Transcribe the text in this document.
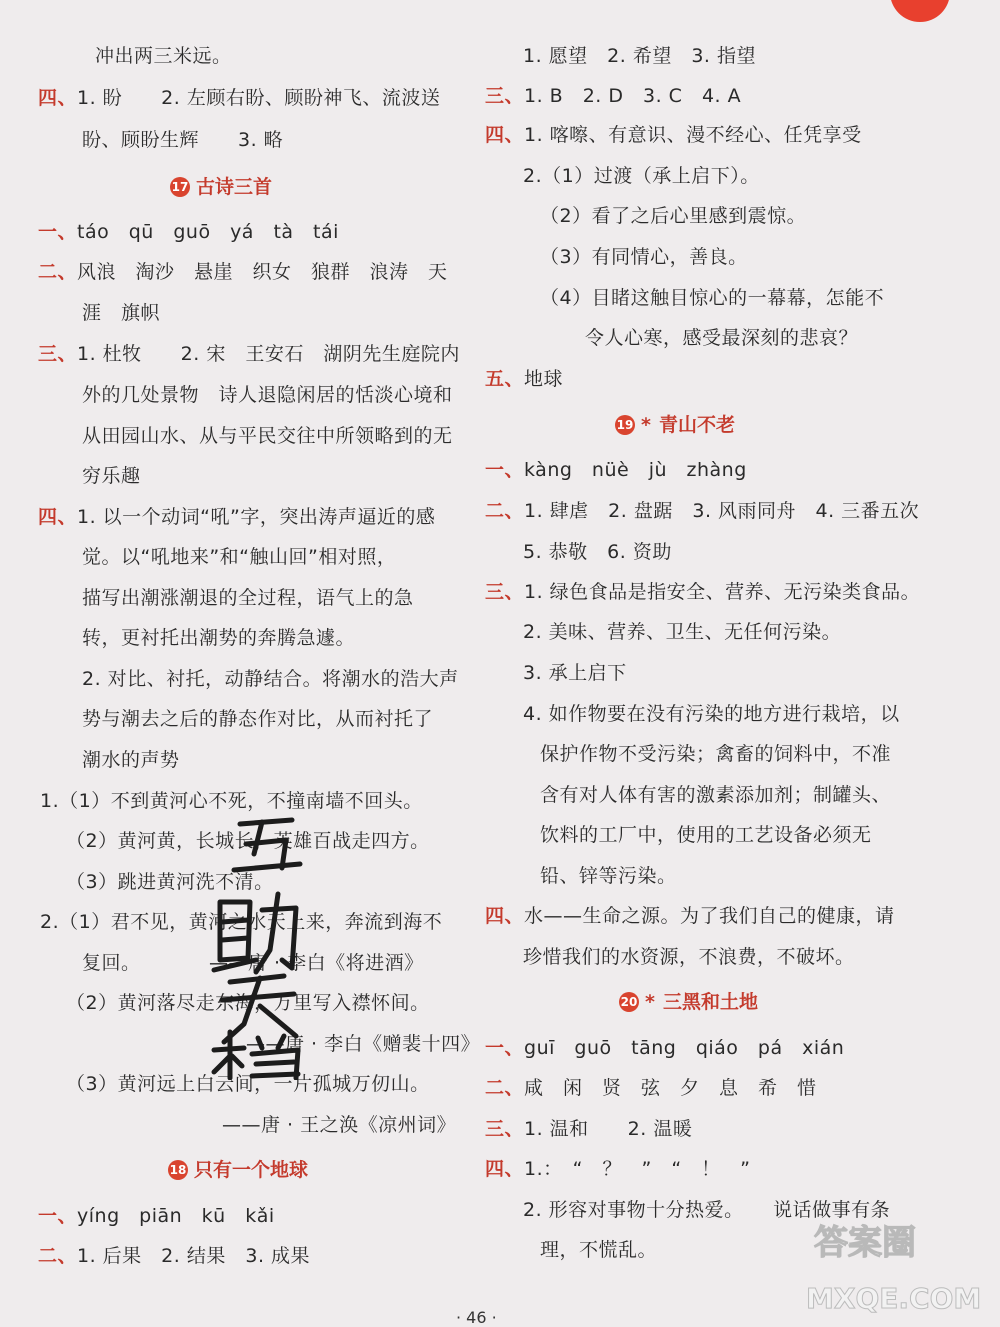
冲出两三米远。
四、1. 盼　　2. 左顾右盼、顾盼神飞、流波送
盼、顾盼生辉　　3. 略
17 古诗三首
一、táo　qū　guō　yá　tà　tái
二、风浪　淘沙　悬崖　织女　狼群　浪涛　天
涯　旗帜
三、1. 杜牧　　2. 宋　王安石　湖阴先生庭院内
外的几处景物　诗人退隐闲居的恬淡心境和
从田园山水、从与平民交往中所领略到的无
穷乐趣
四、1. 以一个动词“吼”字，突出涛声逼近的感
觉。以“吼地来”和“触山回”相对照，
描写出潮涨潮退的全过程，语气上的急
转，更衬托出潮势的奔腾急遽。
2. 对比、衬托，动静结合。将潮水的浩大声
势与潮去之后的静态作对比，从而衬托了
潮水的声势
1.（1）不到黄河心不死，不撞南墙不回头。
（2）黄河黄，长城长，英雄百战走四方。
（3）跳进黄河洗不清。
2.（1）君不见，黄河之水天上来，奔流到海不
复回。　　　　——唐 · 李白《将进酒》
（2）黄河落尽走东海，万里写入襟怀间。
——唐 · 李白《赠裴十四》
（3）黄河远上白云间，一片孤城万仞山。
——唐 · 王之涣《凉州词》
18 只有一个地球
一、yíng　piān　kū　kǎi
二、1. 后果　2. 结果　3. 成果
1. 愿望　2. 希望　3. 指望
三、1. B　2. D　3. C　4. A
四、1. 喀嚓、有意识、漫不经心、任凭享受
2.（1）过渡（承上启下）。
（2）看了之后心里感到震惊。
（3）有同情心，善良。
（4）目睹这触目惊心的一幕幕，怎能不
令人心寒，感受最深刻的悲哀？
五、地球
19 * 青山不老
一、kàng　nüè　jù　zhàng
二、1. 肆虐　2. 盘踞　3. 风雨同舟　4. 三番五次
5. 恭敬　6. 资助
三、1. 绿色食品是指安全、营养、无污染类食品。
2. 美味、营养、卫生、无任何污染。
3. 承上启下
4. 如作物要在没有污染的地方进行栽培，以
保护作物不受污染；禽畜的饲料中，不准
含有对人体有害的激素添加剂；制罐头、
饮料的工厂中，使用的工艺设备必须无
铅、锌等污染。
四、水——生命之源。为了我们自己的健康，请
珍惜我们的水资源，不浪费，不破坏。
20 * 三黑和土地
一、guī　guō　tāng　qiáo　pá　xián
二、咸　闲　贤　弦　夕　息　希　惜
三、1. 温和　　2. 温暖
四、1.：　“　？　”　“　！　”
2. 形容对事物十分热爱。　　说话做事有条
理，不慌乱。	答案圈
MXQE.COM
· 46 ·
